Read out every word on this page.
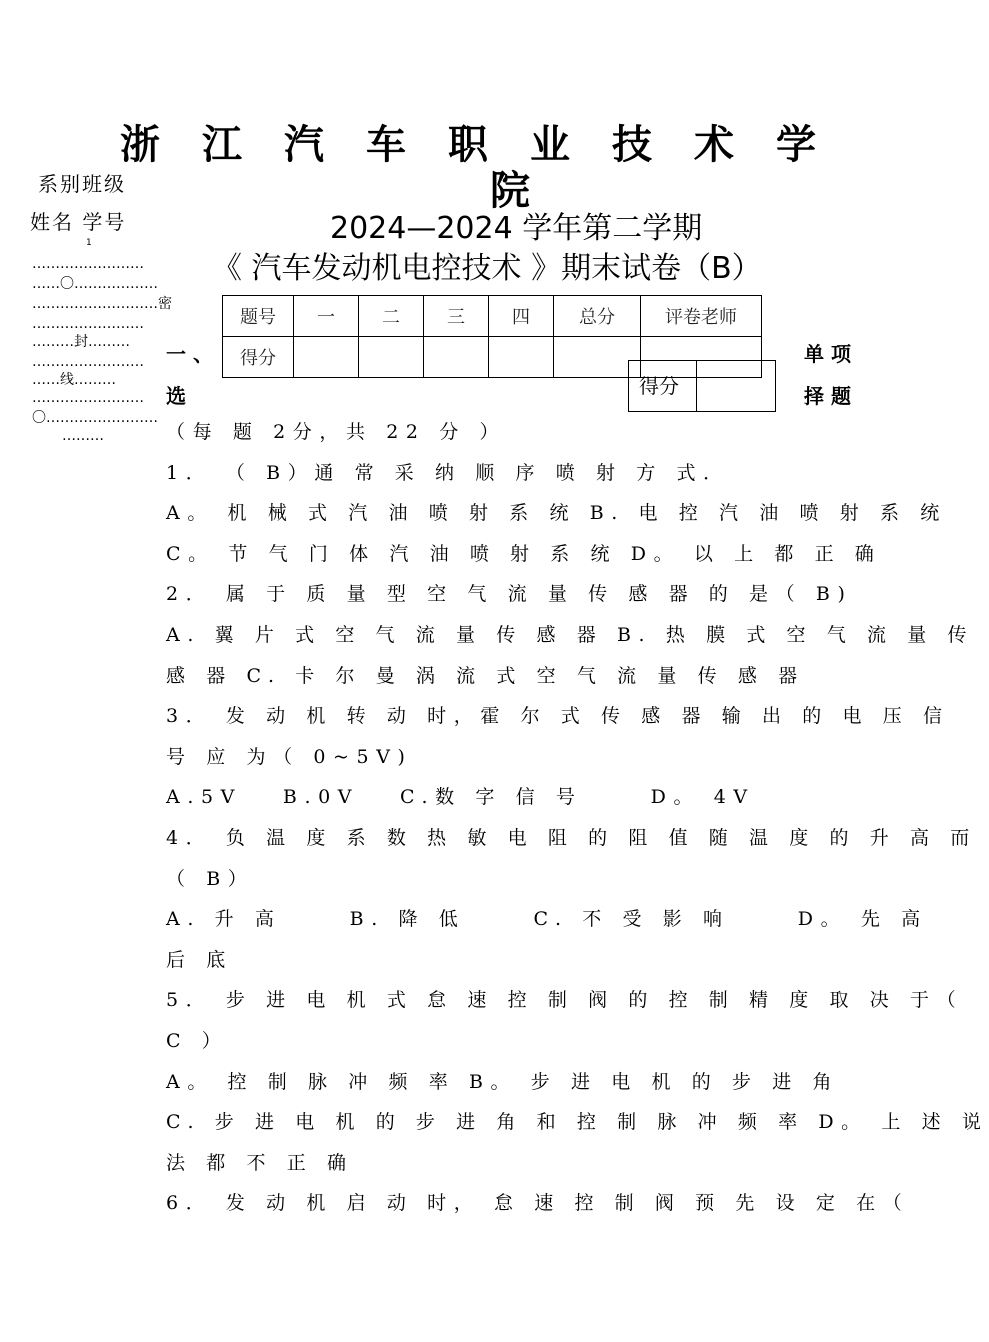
浙江汽车职业技术学
院
2024—2024 学年第二学期
《 汽车发动机电控技术 》期末试卷（B）
系别班级
姓名 学号
1
……………………
……〇………………
………………………密
……………………
………封………
……………………
……线………
……………………
〇……………………
………
题号	一	二	三	四	总分	评卷老师
得分						
一 、
选
单 项
择 题
得分	
（每 题 2分，共 22 分 ）
1． （ B）通 常 采 纳 顺 序 喷 射 方 式．
A。 机 械 式 汽 油 喷 射 系 统 B. 电 控 汽 油 喷 射 系 统
C。 节 气 门 体 汽 油 喷 射 系 统 D。 以 上 都 正 确
2． 属 于 质 量 型 空 气 流 量 传 感 器 的 是（ B)
A. 翼 片 式 空 气 流 量 传 感 器 B. 热 膜 式 空 气 流 量 传
感 器 C. 卡 尔 曼 涡 流 式 空 气 流 量 传 感 器
3． 发 动 机 转 动 时，霍 尔 式 传 感 器 输 出 的 电 压 信
号 应 为（ 0~5V)
A.5V   B.0V   C.数 字 信 号     D。 4V
4． 负 温 度 系 数 热 敏 电 阻 的 阻 值 随 温 度 的 升 高 而
（ B）
A. 升 高     B. 降 低     C. 不 受 影 响     D。 先 高
后 底
5． 步 进 电 机 式 怠 速 控 制 阀 的 控 制 精 度 取 决 于（
C ）
A。 控 制 脉 冲 频 率 B。 步 进 电 机 的 步 进 角
C. 步 进 电 机 的 步 进 角 和 控 制 脉 冲 频 率 D。 上 述 说
法 都 不 正 确
6． 发 动 机 启 动 时， 怠 速 控 制 阀 预 先 设 定 在（
